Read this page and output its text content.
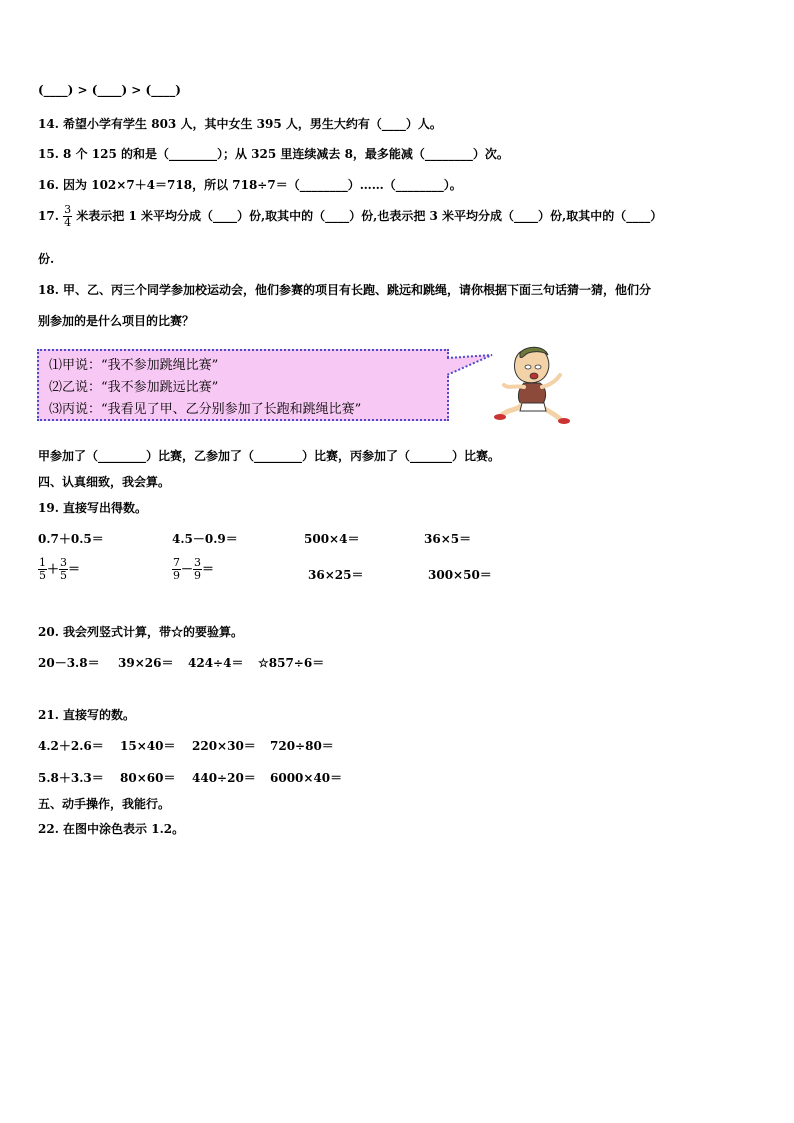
(____) > (____) > (____)
14. 希望小学有学生 803 人，其中女生 395 人，男生大约有（____）人。
15. 8 个 125 的和是（________）；从 325 里连续减去 8，最多能减（________）次。
16. 因为 102×7＋4＝718，所以 718÷7＝（________）……（________）。
17. $\frac{3}{4}$ 米表示把 1 米平均分成（____）份,取其中的（____）份,也表示把 3 米平均分成（____）份,取其中的（____）
份.
18. 甲、乙、丙三个同学参加校运动会，他们参赛的项目有长跑、跳远和跳绳，请你根据下面三句话猜一猜，他们分
别参加的是什么项目的比赛？
⑴甲说：“我不参加跳绳比赛”
⑵乙说：“我不参加跳远比赛”
⑶丙说：“我看见了甲、乙分别参加了长跑和跳绳比赛”
甲参加了（________）比赛，乙参加了（________）比赛，丙参加了（_______）比赛。
四、认真细致，我会算。
19. 直接写出得数。
0.7＋0.5＝	4.5－0.9＝	500×4＝	36×5＝
$\frac{1}{5} + \frac{3}{5}$ ＝	$\frac{7}{9} - \frac{3}{9}$ ＝	36×25＝	300×50＝
20. 我会列竖式计算，带☆的要验算。
20－3.8＝ 39×26＝ 424÷4＝ ☆857÷6＝
21. 直接写的数。
4.2＋2.6＝ 15×40＝ 220×30＝ 720÷80＝
5.8＋3.3＝ 80×60＝ 440÷20＝ 6000×40＝
五、动手操作，我能行。
22. 在图中涂色表示 1.2。
